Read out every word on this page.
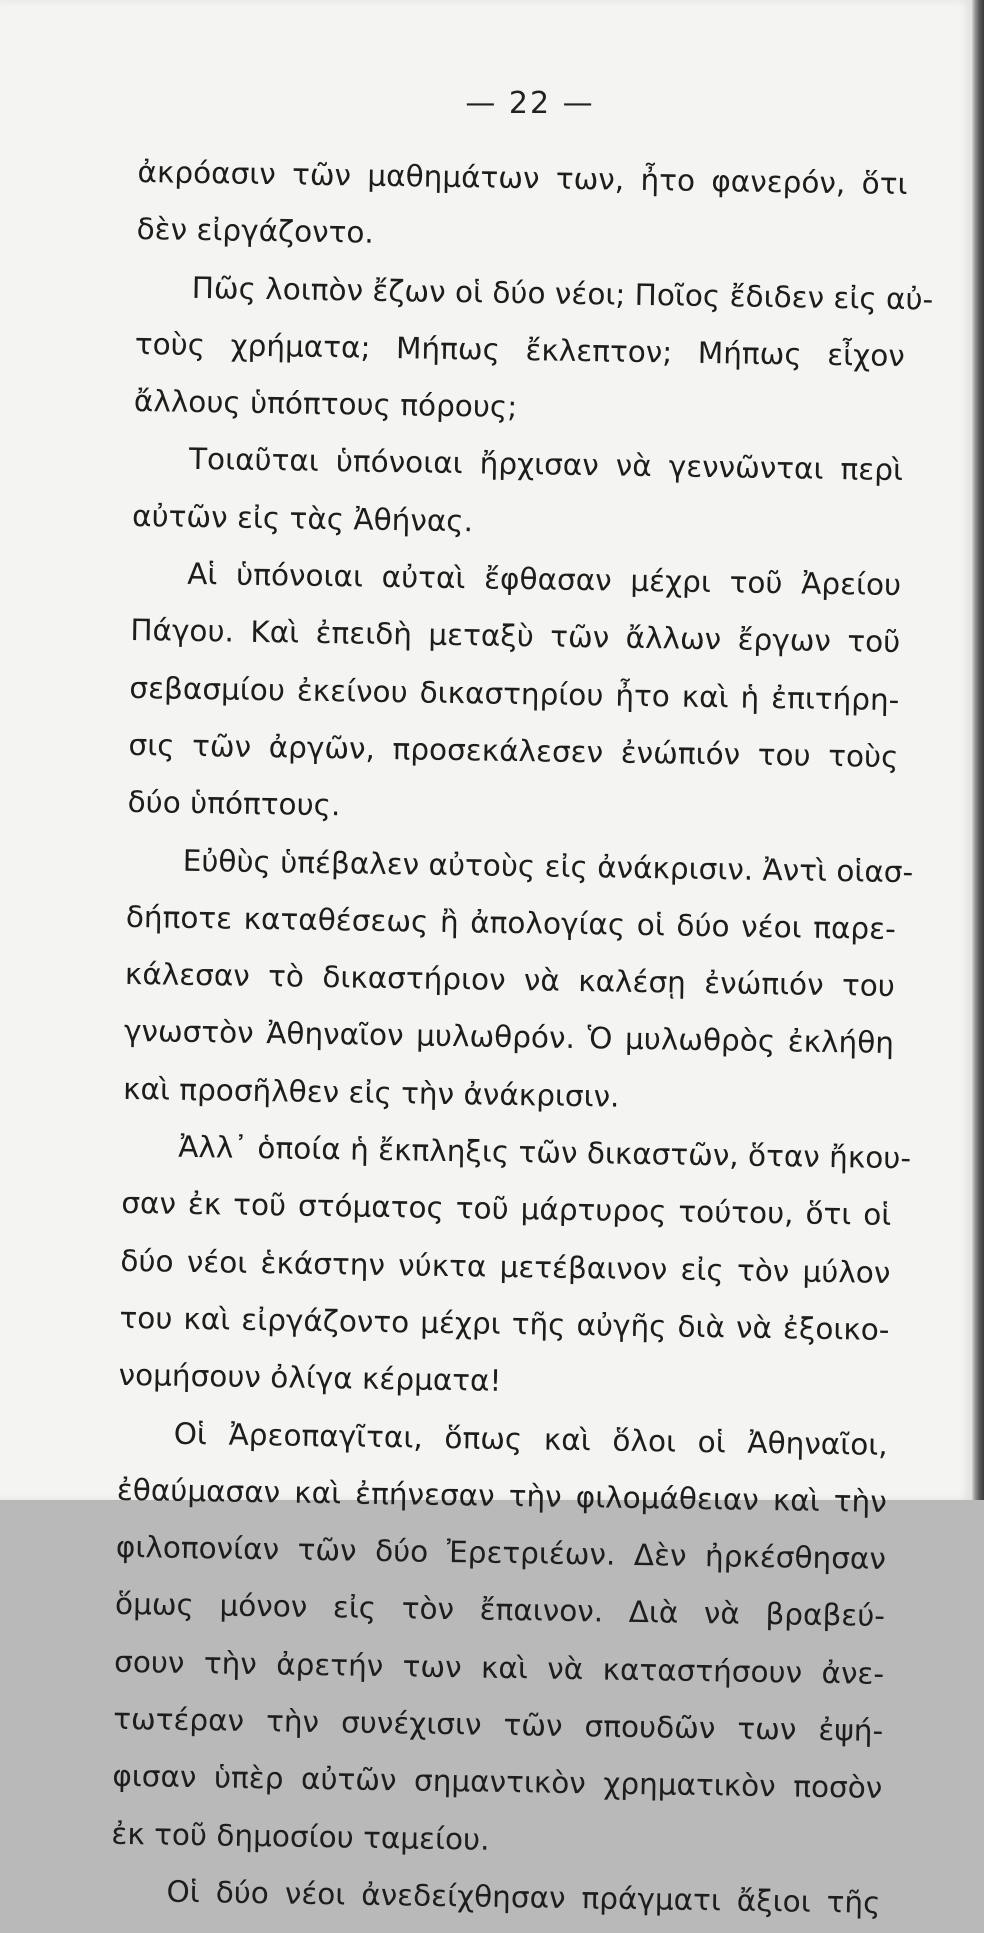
— 22 —
ἀκρόασιν τῶν μαθημάτων των, ἦτο φανερόν, ὅτι
δὲν εἰργάζοντο.
Πῶς λοιπὸν ἔζων οἱ δύο νέοι; Ποῖος ἔδιδεν εἰς αὐ-
τοὺς χρήματα; Μήπως ἔκλεπτον; Μήπως εἶχον
ἄλλους ὑπόπτους πόρους;
Τοιαῦται ὑπόνοιαι ἤρχισαν νὰ γεννῶνται περὶ
αὐτῶν εἰς τὰς Ἀθήνας.
Αἱ ὑπόνοιαι αὐταὶ ἔφθασαν μέχρι τοῦ Ἀρείου
Πάγου. Καὶ ἐπειδὴ μεταξὺ τῶν ἄλλων ἔργων τοῦ
σεβασμίου ἐκείνου δικαστηρίου ἦτο καὶ ἡ ἐπιτήρη-
σις τῶν ἀργῶν, προσεκάλεσεν ἐνώπιόν του τοὺς
δύο ὑπόπτους.
Εὐθὺς ὑπέβαλεν αὐτοὺς εἰς ἀνάκρισιν. Ἀντὶ οἱασ-
δήποτε καταθέσεως ἢ ἀπολογίας οἱ δύο νέοι παρε-
κάλεσαν τὸ δικαστήριον νὰ καλέσῃ ἐνώπιόν του
γνωστὸν Ἀθηναῖον μυλωθρόν. Ὁ μυλωθρὸς ἐκλήθη
καὶ προσῆλθεν εἰς τὴν ἀνάκρισιν.
Ἀλλ᾿ ὁποία ἡ ἔκπληξις τῶν δικαστῶν, ὅταν ἤκου-
σαν ἐκ τοῦ στόματος τοῦ μάρτυρος τούτου, ὅτι οἱ
δύο νέοι ἑκάστην νύκτα μετέβαινον εἰς τὸν μύλον
του καὶ εἰργάζοντο μέχρι τῆς αὐγῆς διὰ νὰ ἐξοικο-
νομήσουν ὀλίγα κέρματα!
Οἱ Ἀρεοπαγῖται, ὅπως καὶ ὅλοι οἱ Ἀθηναῖοι,
ἐθαύμασαν καὶ ἐπήνεσαν τὴν φιλομάθειαν καὶ τὴν
φιλοπονίαν τῶν δύο Ἐρετριέων. Δὲν ἠρκέσθησαν
ὅμως μόνον εἰς τὸν ἔπαινον. Διὰ νὰ βραβεύ-
σουν τὴν ἀρετήν των καὶ νὰ καταστήσουν ἀνε-
τωτέραν τὴν συνέχισιν τῶν σπουδῶν των ἐψή-
φισαν ὑπὲρ αὐτῶν σημαντικὸν χρηματικὸν ποσὸν
ἐκ τοῦ δημοσίου ταμείου.
Οἱ δύο νέοι ἀνεδείχθησαν πράγματι ἄξιοι τῆς
